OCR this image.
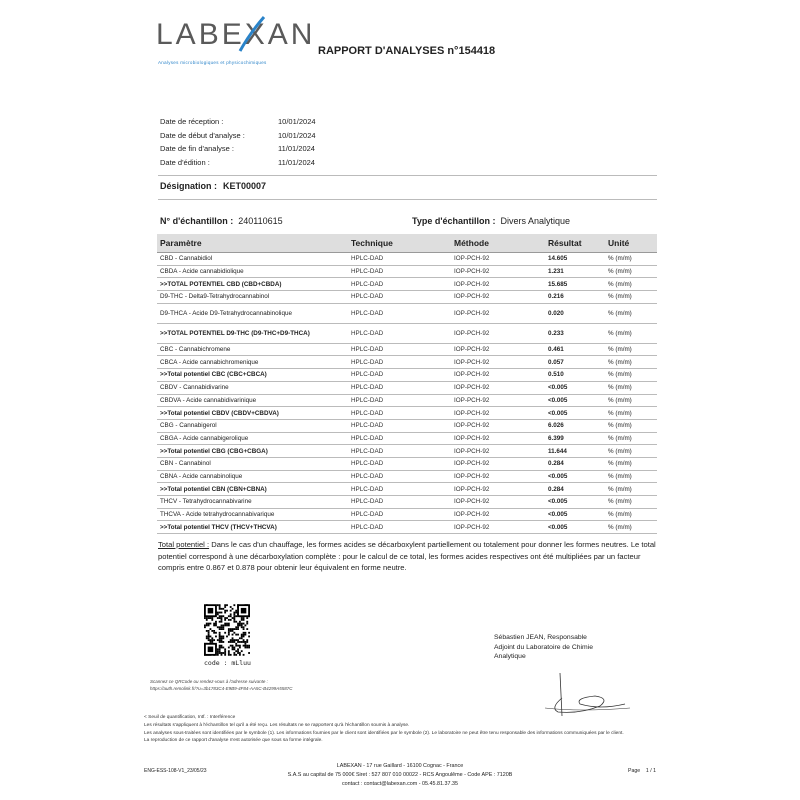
LABEXAN
Analyses microbiologiques et physicochimiques
RAPPORT D'ANALYSES n°154418
Date de réception :	10/01/2024
Date de début d'analyse :	10/01/2024
Date de fin d'analyse :	11/01/2024
Date d'édition :	11/01/2024
Désignation : KET00007
N° d'échantillon : 240110615	Type d'échantillon : Divers Analytique
Paramètre	Technique	Méthode	Résultat	Unité
CBD - Cannabidiol	HPLC-DAD	IOP-PCH-92	14.605	% (m/m)
CBDA - Acide cannabidiolique	HPLC-DAD	IOP-PCH-92	1.231	% (m/m)
>>TOTAL POTENTIEL CBD (CBD+CBDA)	HPLC-DAD	IOP-PCH-92	15.685	% (m/m)
D9-THC - Delta9-Tetrahydrocannabinol	HPLC-DAD	IOP-PCH-92	0.216	% (m/m)
D9-THCA - Acide D9-Tetrahydrocannabinolique	HPLC-DAD	IOP-PCH-92	0.020	% (m/m)
>>TOTAL POTENTIEL D9-THC (D9-THC+D9-THCA)	HPLC-DAD	IOP-PCH-92	0.233	% (m/m)
CBC - Cannabichromene	HPLC-DAD	IOP-PCH-92	0.461	% (m/m)
CBCA - Acide cannabichromenique	HPLC-DAD	IOP-PCH-92	0.057	% (m/m)
>>Total potentiel CBC (CBC+CBCA)	HPLC-DAD	IOP-PCH-92	0.510	% (m/m)
CBDV - Cannabidivarine	HPLC-DAD	IOP-PCH-92	<0.005	% (m/m)
CBDVA - Acide cannabidivarinique	HPLC-DAD	IOP-PCH-92	<0.005	% (m/m)
>>Total potentiel CBDV (CBDV+CBDVA)	HPLC-DAD	IOP-PCH-92	<0.005	% (m/m)
CBG - Cannabigerol	HPLC-DAD	IOP-PCH-92	6.026	% (m/m)
CBGA - Acide cannabigerolique	HPLC-DAD	IOP-PCH-92	6.399	% (m/m)
>>Total potentiel CBG (CBG+CBGA)	HPLC-DAD	IOP-PCH-92	11.644	% (m/m)
CBN - Cannabinol	HPLC-DAD	IOP-PCH-92	0.284	% (m/m)
CBNA - Acide cannabinolique	HPLC-DAD	IOP-PCH-92	<0.005	% (m/m)
>>Total potentiel CBN (CBN+CBNA)	HPLC-DAD	IOP-PCH-92	0.284	% (m/m)
THCV - Tetrahydrocannabivarine	HPLC-DAD	IOP-PCH-92	<0.005	% (m/m)
THCVA - Acide tetrahydrocannabivarique	HPLC-DAD	IOP-PCH-92	<0.005	% (m/m)
>>Total potentiel THCV (THCV+THCVA)	HPLC-DAD	IOP-PCH-92	<0.005	% (m/m)
Total potentiel : Dans le cas d'un chauffage, les formes acides se décarboxylent partiellement ou totalement pour donner les formes neutres. Le total potentiel correspond à une décarboxylation complète : pour le calcul de ce total, les formes acides respectives ont été multipliées par un facteur compris entre 0.867 et 0.878 pour obtenir leur équivalent en forme neutre.
code : mLluu
Scannez ce QRCode ou rendez-vous à l'adresse suivante :
https://auth.remolink.fr/?u=3b1783C4-E9B9-4F84-AA5C-B4299A5587C
Sébastien JEAN, Responsable
Adjoint du Laboratoire de Chimie
Analytique
< Seuil de quantification, Intf. : Interférence
Les résultats s'appliquent à l'échantillon tel qu'il a été reçu. Les résultats ne se rapportent qu'à l'échantillon soumis à analyse.
Les analyses sous-traitées sont identifiées par le symbole (1). Les informations fournies par le client sont identifiées par le symbole (2). Le laboratoire ne peut être tenu responsable des informations communiquées par le client.
La reproduction de ce rapport d'analyse n'est autorisée que sous sa forme intégrale.
ENG-ESS-108-V1_23/05/23
LABEXAN - 17 rue Gaillard - 16100 Cognac - France
S.A.S au capital de 75 000€ Siret : 527 807 010 00022 - RCS Angoulême - Code APE : 7120B
contact : contact@labexan.com - 05.45.81.37.35
Page 1 / 1
